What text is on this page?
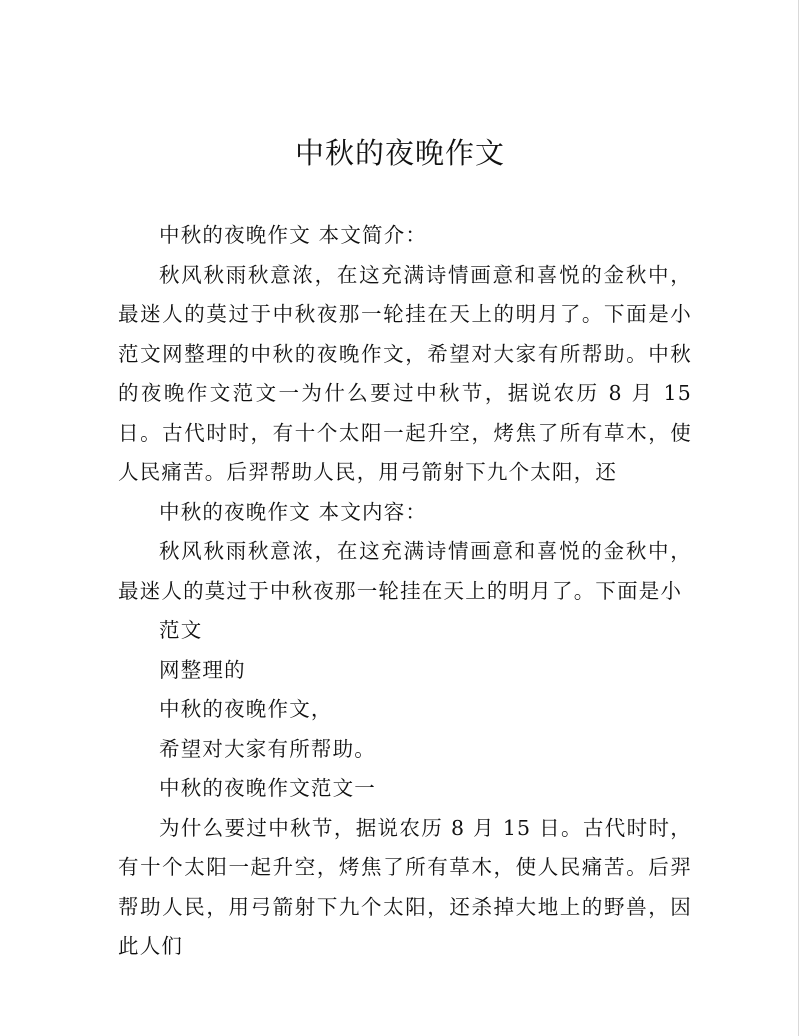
中秋的夜晚作文

中秋的夜晚作文 本文简介：

秋风秋雨秋意浓，在这充满诗情画意和喜悦的金秋中，最迷人的莫过于中秋夜那一轮挂在天上的明月了。下面是小范文网整理的中秋的夜晚作文，希望对大家有所帮助。中秋的夜晚作文范文一为什么要过中秋节，据说农历 8 月 15 日。古代时时，有十个太阳一起升空，烤焦了所有草木，使人民痛苦。后羿帮助人民，用弓箭射下九个太阳，还

中秋的夜晚作文 本文内容：

秋风秋雨秋意浓，在这充满诗情画意和喜悦的金秋中，最迷人的莫过于中秋夜那一轮挂在天上的明月了。下面是小

范文

网整理的

中秋的夜晚作文，

希望对大家有所帮助。

中秋的夜晚作文范文一

为什么要过中秋节，据说农历 8 月 15 日。古代时时，有十个太阳一起升空，烤焦了所有草木，使人民痛苦。后羿帮助人民，用弓箭射下九个太阳，还杀掉大地上的野兽，因此人们
